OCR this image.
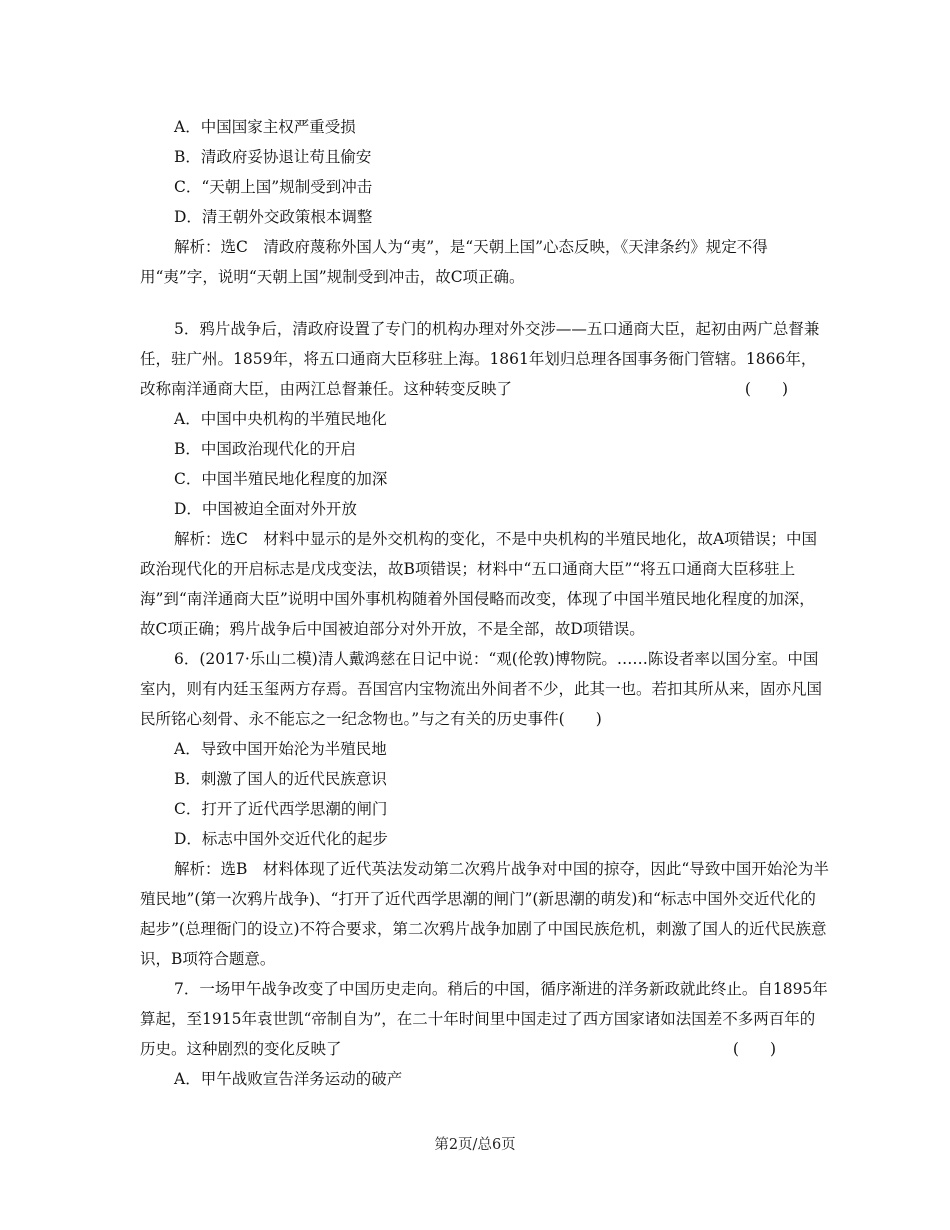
A．中国国家主权严重受损
B．清政府妥协退让苟且偷安
C．“天朝上国”规制受到冲击
D．清王朝外交政策根本调整
解析：选C　清政府蔑称外国人为“夷”，是“天朝上国”心态反映，《天津条约》规定不得用“夷”字，说明“天朝上国”规制受到冲击，故C项正确。
5．鸦片战争后，清政府设置了专门的机构办理对外交涉——五口通商大臣，起初由两广总督兼任，驻广州。1859年，将五口通商大臣移驻上海。1861年划归总理各国事务衙门管辖。1866年，改称南洋通商大臣，由两江总督兼任。这种转变反映了	(　　)
A．中国中央机构的半殖民地化
B．中国政治现代化的开启
C．中国半殖民地化程度的加深
D．中国被迫全面对外开放
解析：选C　材料中显示的是外交机构的变化，不是中央机构的半殖民地化，故A项错误；中国政治现代化的开启标志是戊戌变法，故B项错误；材料中“五口通商大臣”“将五口通商大臣移驻上海”到“南洋通商大臣”说明中国外事机构随着外国侵略而改变，体现了中国半殖民地化程度的加深，故C项正确；鸦片战争后中国被迫部分对外开放，不是全部，故D项错误。
6．(2017·乐山二模)清人戴鸿慈在日记中说：“观(伦敦)博物院。……陈设者率以国分室。中国室内，则有内廷玉玺两方存焉。吾国宫内宝物流出外间者不少，此其一也。若扣其所从来，固亦凡国民所铭心刻骨、永不能忘之一纪念物也。”与之有关的历史事件(　　)
A．导致中国开始沦为半殖民地
B．刺激了国人的近代民族意识
C．打开了近代西学思潮的闸门
D．标志中国外交近代化的起步
解析：选B　材料体现了近代英法发动第二次鸦片战争对中国的掠夺，因此“导致中国开始沦为半殖民地”(第一次鸦片战争)、“打开了近代西学思潮的闸门”(新思潮的萌发)和“标志中国外交近代化的起步”(总理衙门的设立)不符合要求，第二次鸦片战争加剧了中国民族危机，刺激了国人的近代民族意识，B项符合题意。
7．一场甲午战争改变了中国历史走向。稍后的中国，循序渐进的洋务新政就此终止。自1895年算起，至1915年袁世凯“帝制自为”，在二十年时间里中国走过了西方国家诸如法国差不多两百年的历史。这种剧烈的变化反映了	(　　)
A．甲午战败宣告洋务运动的破产
第2页/总6页
